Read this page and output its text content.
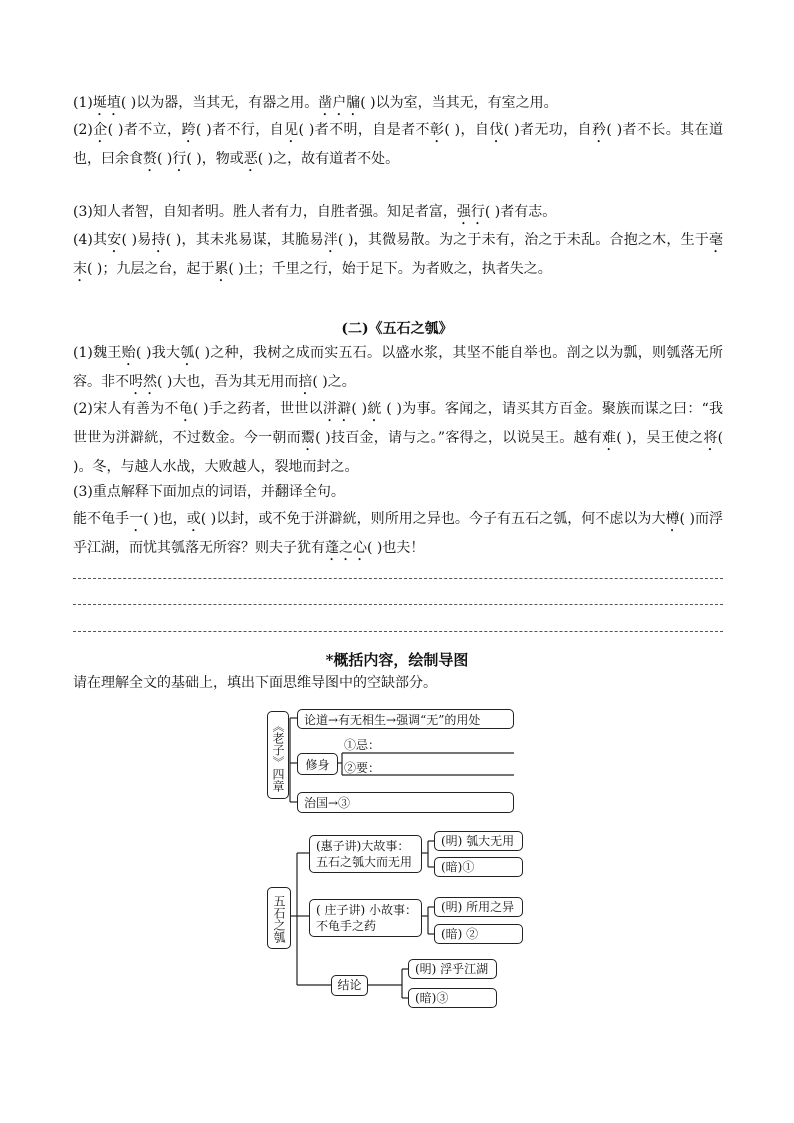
(1)埏埴( )以为器，当其无，有器之用。凿户牖( )以为室，当其无，有室之用。

(2)企( )者不立，跨( )者不行，自见( )者不明，自是者不彰( )，自伐( )者无功，自矜( )者不长。其在道也，曰余食赘( )行( )，物或恶( )之，故有道者不处。

(3)知人者智，自知者明。胜人者有力，自胜者强。知足者富，强行( )者有志。

(4)其安( )易持( )，其未兆易谋，其脆易泮( )，其微易散。为之于未有，治之于未乱。合抱之木，生于毫末( )；九层之台，起于累( )土；千里之行，始于足下。为者败之，执者失之。

(二)《五石之瓠》

(1)魏王贻( )我大瓠( )之种，我树之成而实五石。以盛水浆，其坚不能自举也。剖之以为瓢，则瓠落无所容。非不呺然( )大也，吾为其无用而掊( )之。

(2)宋人有善为不龟( )手之药者，世世以洴澼( )絖 ( )为事。客闻之，请买其方百金。聚族而谋之曰：“我世世为洴澼絖，不过数金。今一朝而鬻( )技百金，请与之。”客得之，以说吴王。越有难( )，吴王使之将( )。冬，与越人水战，大败越人，裂地而封之。

(3)重点解释下面加点的词语，并翻译全句。

能不龟手一( )也，或( )以封，或不免于洴澼絖，则所用之异也。今子有五石之瓠，何不虑以为大樽( )而浮乎江湖，而忧其瓠落无所容？则夫子犹有蓬之心( )也夫！

*概括内容，绘制导图

请在理解全文的基础上，填出下面思维导图中的空缺部分。

《老子》四章	论道→有无相生→强调“无”的用处
修身
①忌：
②要：
治国→③
五石之瓠
(惠子讲)大故事：
五石之瓠大而无用
(明) 瓠大无用
(暗)①
( 庄子讲) 小故事：
不龟手之药
(明) 所用之异
(暗) ②
结论
(明) 浮乎江湖
(暗)③
